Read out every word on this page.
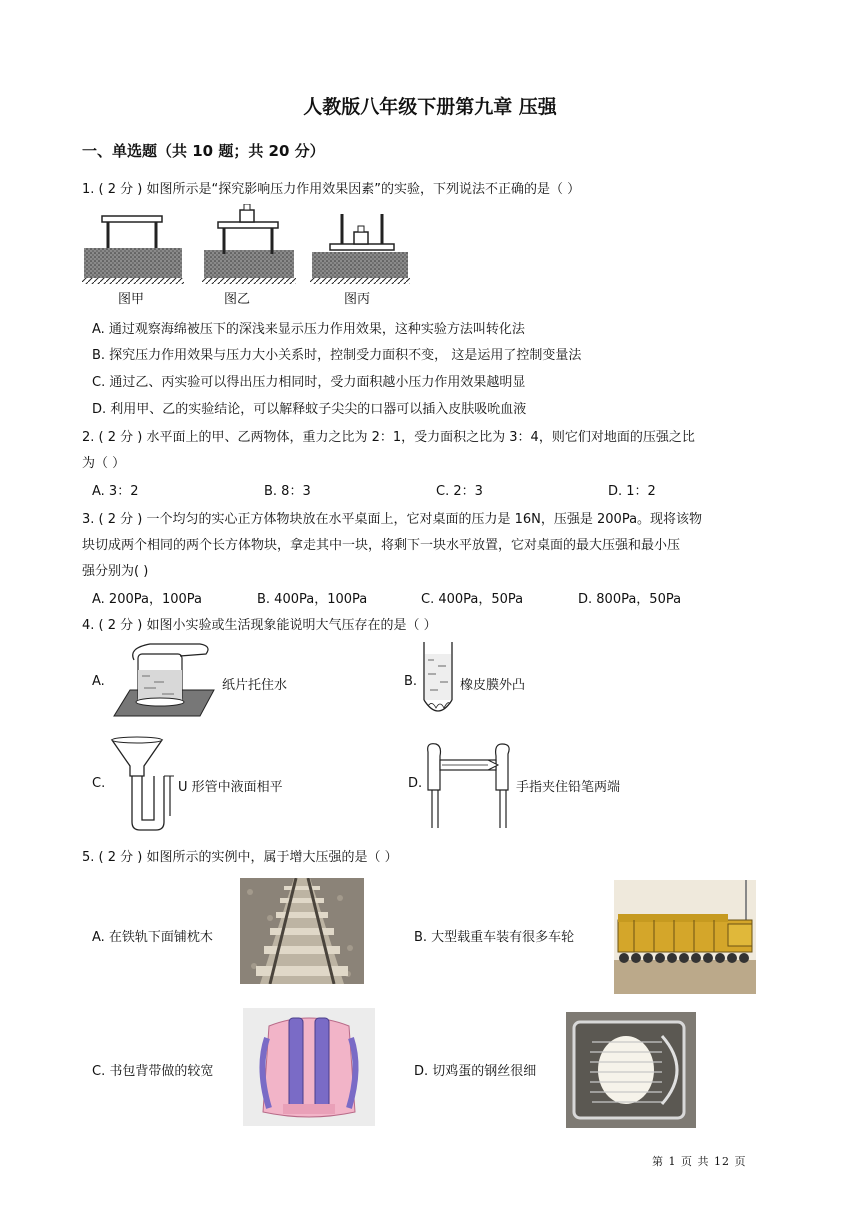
人教版八年级下册第九章 压强
一、单选题（共 10 题；共 20 分）
1. ( 2 分 ) 如图所示是“探究影响压力作用效果因素”的实验，下列说法不正确的是（ ）
图甲	图乙	图丙
A. 通过观察海绵被压下的深浅来显示压力作用效果，这种实验方法叫转化法
B. 探究压力作用效果与压力大小关系时，控制受力面积不变， 这是运用了控制变量法
C. 通过乙、丙实验可以得出压力相同时，受力面积越小压力作用效果越明显
D. 利用甲、乙的实验结论，可以解释蚊子尖尖的口器可以插入皮肤吸吮血液
2. ( 2 分 ) 水平面上的甲、乙两物体，重力之比为 2：1，受力面积之比为 3：4，则它们对地面的压强之比
为（ ）
A. 3：2	B. 8：3	C. 2：3	D. 1：2
3. ( 2 分 ) 一个均匀的实心正方体物块放在水平桌面上，它对桌面的压力是 16N，压强是 200Pa。现将该物
块切成两个相同的两个长方体物块，拿走其中一块，将剩下一块水平放置，它对桌面的最大压强和最小压
强分别为( )
A. 200Pa，100Pa	B. 400Pa，100Pa	C. 400Pa，50Pa	D. 800Pa，50Pa
4. ( 2 分 ) 如图小实验或生活现象能说明大气压存在的是（ ）
A.	纸片托住水	B.	橡皮膜外凸
C.	U 形管中液面相平	D.	手指夹住铅笔两端
5. ( 2 分 ) 如图所示的实例中，属于增大压强的是（ ）
A. 在铁轨下面铺枕木	B. 大型载重车装有很多车轮
C. 书包背带做的较宽	D. 切鸡蛋的钢丝很细
第 1 页 共 12 页
